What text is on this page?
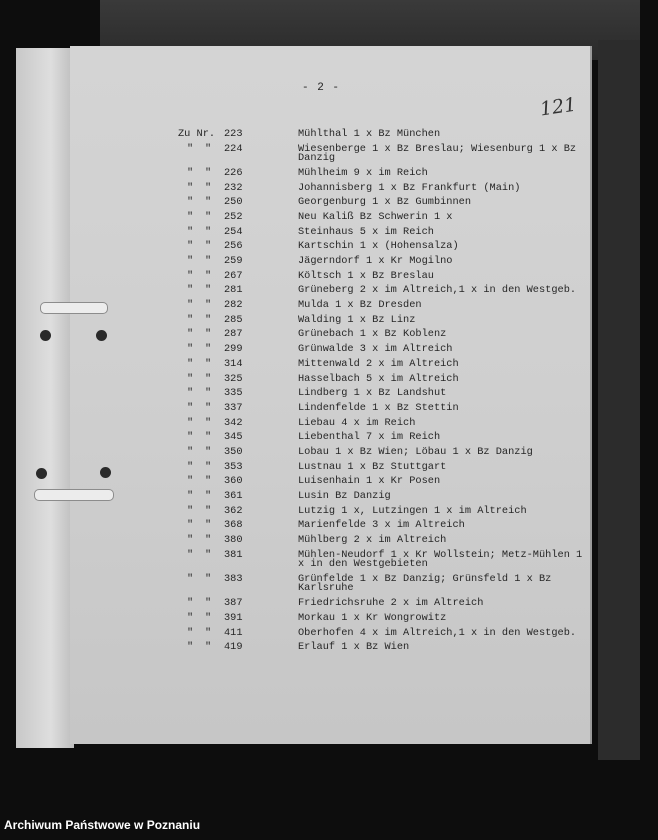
- 2 -
121
Zu Nr. 223	Mühlthal 1 x Bz München
" " 224	Wiesenberge 1 x Bz Breslau; Wiesenburg 1 x Bz Danzig
" " 226	Mühlheim 9 x im Reich
" " 232	Johannisberg 1 x Bz Frankfurt (Main)
" " 250	Georgenburg 1 x Bz Gumbinnen
" " 252	Neu Kaliß Bz Schwerin 1 x
" " 254	Steinhaus 5 x im Reich
" " 256	Kartschin 1 x (Hohensalza)
" " 259	Jägerndorf 1 x Kr Mogilno
" " 267	Költsch 1 x Bz Breslau
" " 281	Grüneberg 2 x im Altreich,1 x in den Westgeb.
" " 282	Mulda 1 x Bz Dresden
" " 285	Walding 1 x Bz Linz
" " 287	Grünebach 1 x Bz Koblenz
" " 299	Grünwalde 3 x im Altreich
" " 314	Mittenwald 2 x im Altreich
" " 325	Hasselbach 5 x im Altreich
" " 335	Lindberg 1 x Bz Landshut
" " 337	Lindenfelde 1 x Bz Stettin
" " 342	Liebau 4 x im Reich
" " 345	Liebenthal 7 x im Reich
" " 350	Lobau 1 x Bz Wien; Löbau 1 x Bz Danzig
" " 353	Lustnau 1 x Bz Stuttgart
" " 360	Luisenhain 1 x Kr Posen
" " 361	Lusin Bz Danzig
" " 362	Lutzig 1 x, Lutzingen 1 x im Altreich
" " 368	Marienfelde 3 x im Altreich
" " 380	Mühlberg 2 x im Altreich
" " 381	Mühlen-Neudorf 1 x Kr Wollstein; Metz-Mühlen 1 x in den Westgebieten
" " 383	Grünfelde 1 x Bz Danzig; Grünsfeld 1 x Bz Karlsruhe
" " 387	Friedrichsruhe 2 x im Altreich
" " 391	Morkau 1 x Kr Wongrowitz
" " 411	Oberhofen 4 x im Altreich,1 x in den Westgeb.
" " 419	Erlauf 1 x Bz Wien
Archiwum Państwowe w Poznaniu
